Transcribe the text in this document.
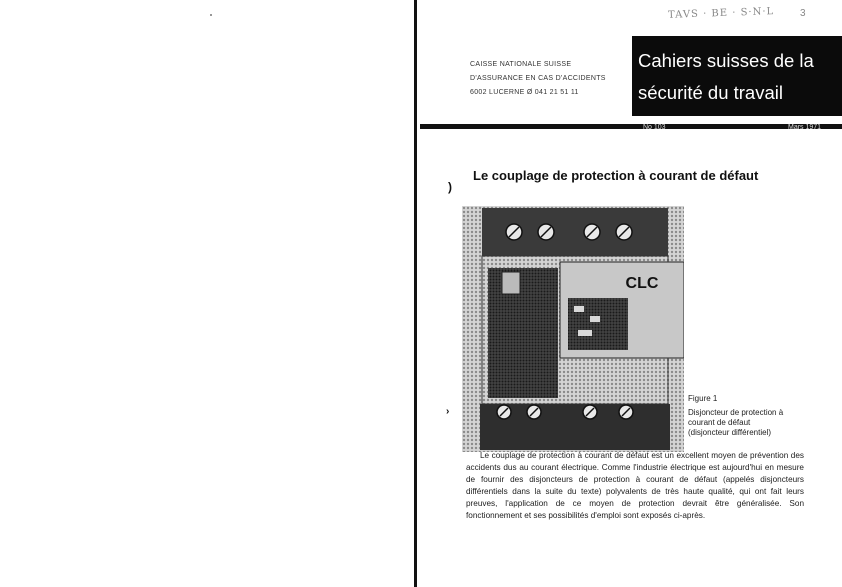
TAVS · BE · S·N·L	3
CAISSE NATIONALE SUISSE
D'ASSURANCE EN CAS D'ACCIDENTS
6002 LUCERNE Ø 041 21 51 11
Cahiers suisses de la
sécurité du travail
No 103	Mars 1971
Le couplage de protection à courant de défaut
)
›
CLC
Figure 1
Disjoncteur de protection à
courant de défaut
(disjoncteur différentiel)

Le couplage de protection à courant de défaut est un excellent moyen de prévention des accidents dus au courant électrique. Comme l'industrie électrique est aujourd'hui en mesure de fournir des disjoncteurs de protection à courant de défaut (appelés disjoncteurs différentiels dans la suite du texte) polyvalents de très haute qualité, qui ont fait leurs preuves, l'application de ce moyen de protection devrait être généralisée. Son fonctionnement et ses possibilités d'emploi sont exposés ci-après.
